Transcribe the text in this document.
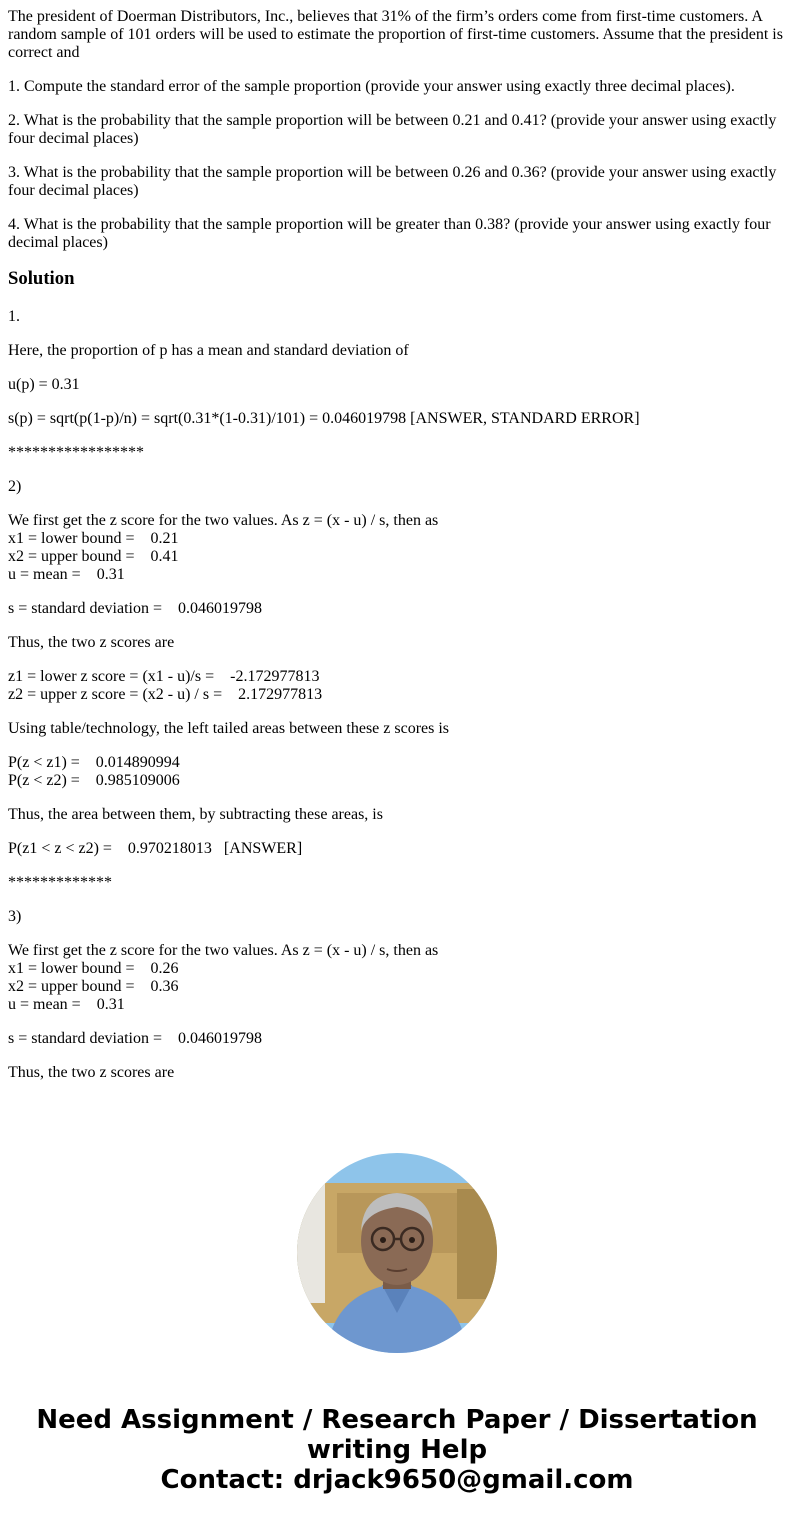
The president of Doerman Distributors, Inc., believes that 31% of the firm’s orders come from first-time customers. A random sample of 101 orders will be used to estimate the proportion of first-time customers. Assume that the president is correct and
1. Compute the standard error of the sample proportion (provide your answer using exactly three decimal places).
2. What is the probability that the sample proportion will be between 0.21 and 0.41? (provide your answer using exactly four decimal places)
3. What is the probability that the sample proportion will be between 0.26 and 0.36? (provide your answer using exactly four decimal places)
4. What is the probability that the sample proportion will be greater than 0.38? (provide your answer using exactly four decimal places)
Solution
1.
Here, the proportion of p has a mean and standard deviation of
u(p) = 0.31
s(p) = sqrt(p(1-p)/n) = sqrt(0.31*(1-0.31)/101) = 0.046019798 [ANSWER, STANDARD ERROR]
*****************
2)
We first get the z score for the two values. As z = (x - u) / s, then as
x1 = lower bound =    0.21
x2 = upper bound =    0.41
u = mean =    0.31
s = standard deviation =    0.046019798
Thus, the two z scores are
z1 = lower z score = (x1 - u)/s =    -2.172977813
z2 = upper z score = (x2 - u) / s =    2.172977813
Using table/technology, the left tailed areas between these z scores is
P(z < z1) =    0.014890994
P(z < z2) =    0.985109006
Thus, the area between them, by subtracting these areas, is
P(z1 < z < z2) =    0.970218013   [ANSWER]
*************
3)
We first get the z score for the two values. As z = (x - u) / s, then as
x1 = lower bound =    0.26
x2 = upper bound =    0.36
u = mean =    0.31
s = standard deviation =    0.046019798
Thus, the two z scores are
Need Assignment / Research Paper / Dissertation
writing Help
Contact: drjack9650@gmail.com
